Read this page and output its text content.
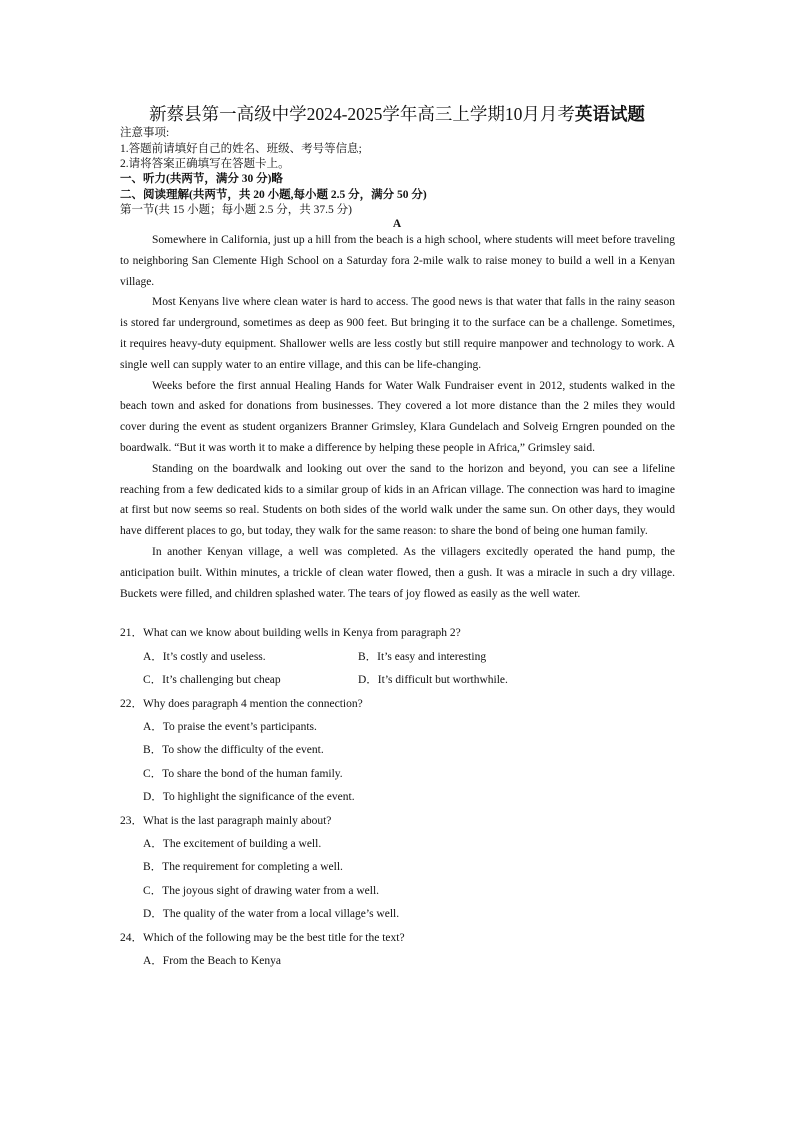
新蔡县第一高级中学2024-2025学年高三上学期10月月考英语试题
注意事项:
1.答题前请填好自己的姓名、班级、考号等信息;
2.请将答案正确填写在答题卡上。
一、听力(共两节，满分 30 分)略
二、阅读理解(共两节，共 20 小题,每小题 2.5 分，满分 50 分)
第一节(共 15 小题；每小题 2.5 分，共 37.5 分)
A

Somewhere in California, just up a hill from the beach is a high school, where students will meet before traveling to neighboring San Clemente High School on a Saturday fora 2-mile walk to raise money to build a well in a Kenyan village.

Most Kenyans live where clean water is hard to access. The good news is that water that falls in the rainy season is stored far underground, sometimes as deep as 900 feet. But bringing it to the surface can be a challenge. Sometimes, it requires heavy-duty equipment. Shallower wells are less costly but still require manpower and technology to work. A single well can supply water to an entire village, and this can be life-changing.

Weeks before the first annual Healing Hands for Water Walk Fundraiser event in 2012, students walked in the beach town and asked for donations from businesses. They covered a lot more distance than the 2 miles they would cover during the event as student organizers Branner Grimsley, Klara Gundelach and Solveig Erngren pounded on the boardwalk. “But it was worth it to make a difference by helping these people in Africa,” Grimsley said.

Standing on the boardwalk and looking out over the sand to the horizon and beyond, you can see a lifeline reaching from a few dedicated kids to a similar group of kids in an African village. The connection was hard to imagine at first but now seems so real. Students on both sides of the world walk under the same sun. On other days, they would have different places to go, but today, they walk for the same reason: to share the bond of being one human family.

In another Kenyan village, a well was completed. As the villagers excitedly operated the hand pump, the anticipation built. Within minutes, a trickle of clean water flowed, then a gush. It was a miracle in such a dry village. Buckets were filled, and children splashed water. The tears of joy flowed as easily as the well water.

21．What can we know about building wells in Kenya from paragraph 2?
A．It’s costly and useless.	B．It’s easy and interesting
C．It’s challenging but cheap	D．It’s difficult but worthwhile.
22．Why does paragraph 4 mention the connection?
A．To praise the event’s participants.
B．To show the difficulty of the event.
C．To share the bond of the human family.
D．To highlight the significance of the event.
23．What is the last paragraph mainly about?
A．The excitement of building a well.
B．The requirement for completing a well.
C．The joyous sight of drawing water from a well.
D．The quality of the water from a local village’s well.
24．Which of the following may be the best title for the text?
A．From the Beach to Kenya
